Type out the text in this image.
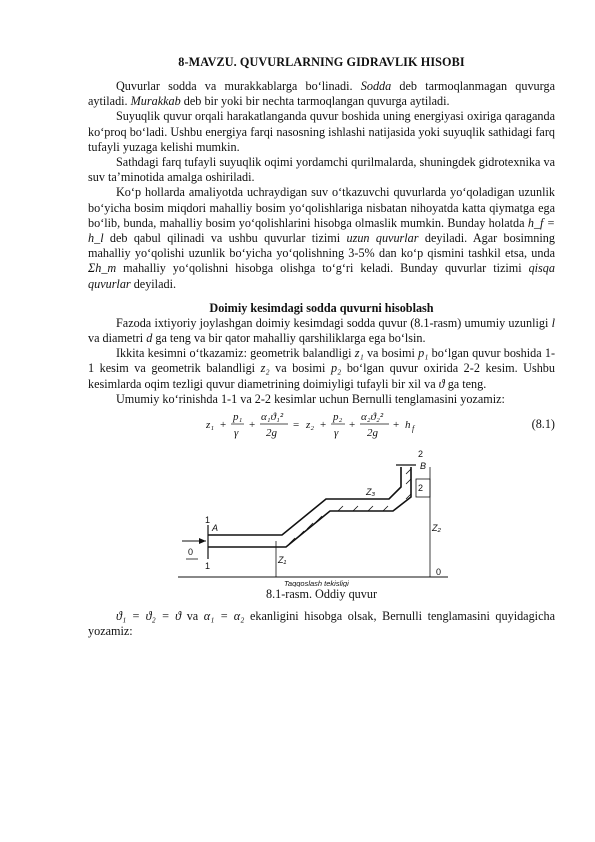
8-MAVZU. QUVURLARNING GIDRAVLIK HISOBI

Quvurlar sodda va murakkablarga bo‘linadi. Sodda deb tarmoqlanmagan quvurga aytiladi. Murakkab deb bir yoki bir nechta tarmoqlangan quvurga aytiladi.

Suyuqlik quvur orqali harakatlanganda quvur boshida uning energiyasi oxiriga qaraganda ko‘proq bo‘ladi. Ushbu energiya farqi nasosning ishlashi natijasida yoki suyuqlik sathidagi farq tufayli yuzaga kelishi mumkin.

Sathdagi farq tufayli suyuqlik oqimi yordamchi qurilmalarda, shuningdek gidrotexnika va suv ta’minotida amalga oshiriladi.

Ko‘p hollarda amaliyotda uchraydigan suv o‘tkazuvchi quvurlarda yo‘qoladigan uzunlik bo‘yicha bosim miqdori mahalliy bosim yo‘qolishlariga nisbatan nihoyatda katta qiymatga ega bo‘lib, bunda, mahalliy bosim yo‘qolishlarini hisobga olmaslik mumkin. Bunday holatda h_f = h_l deb qabul qilinadi va ushbu quvurlar tizimi uzun quvurlar deyiladi. Agar bosimning mahalliy yo‘qolishi uzunlik bo‘yicha yo‘qolishning 3-5% dan ko‘p qismini tashkil etsa, unda Σh_m mahalliy yo‘qolishni hisobga olishga to‘g‘ri keladi. Bunday quvurlar tizimi qisqa quvurlar deyiladi.

Doimiy kesimdagi sodda quvurni hisoblash

Fazoda ixtiyoriy joylashgan doimiy kesimdagi sodda quvur (8.1-rasm) umumiy uzunligi l va diametri d ga teng va bir qator mahalliy qarshiliklarga ega bo‘lsin.

Ikkita kesimni o‘tkazamiz: geometrik balandligi z₁ va bosimi p₁ bo‘lgan quvur boshida 1-1 kesim va geometrik balandligi z₂ va bosimi p₂ bo‘lgan quvur oxirida 2-2 kesim. Ushbu kesimlarda oqim tezligi quvur diametrining doimiyligi tufayli bir xil va ϑ ga teng.

Umumiy ko‘rinishda 1-1 va 2-2 kesimlar uchun Bernulli tenglamasini yozamiz:

z₁ +
p₁
γ
+
α₁ϑ₁²
2g
= z₂ +
p₂
γ
+
α₂ϑ₂²
2g
+ h f	(8.1)
1
A
1
0
Z₁
Ζ₃
2
B
2
Z₂
0
Taqqoslash tekisligi
8.1-rasm. Oddiy quvur

ϑ₁ = ϑ₂ = ϑ va α₁ = α₂ ekanligini hisobga olsak, Bernulli tenglamasini quyidagicha yozamiz:
